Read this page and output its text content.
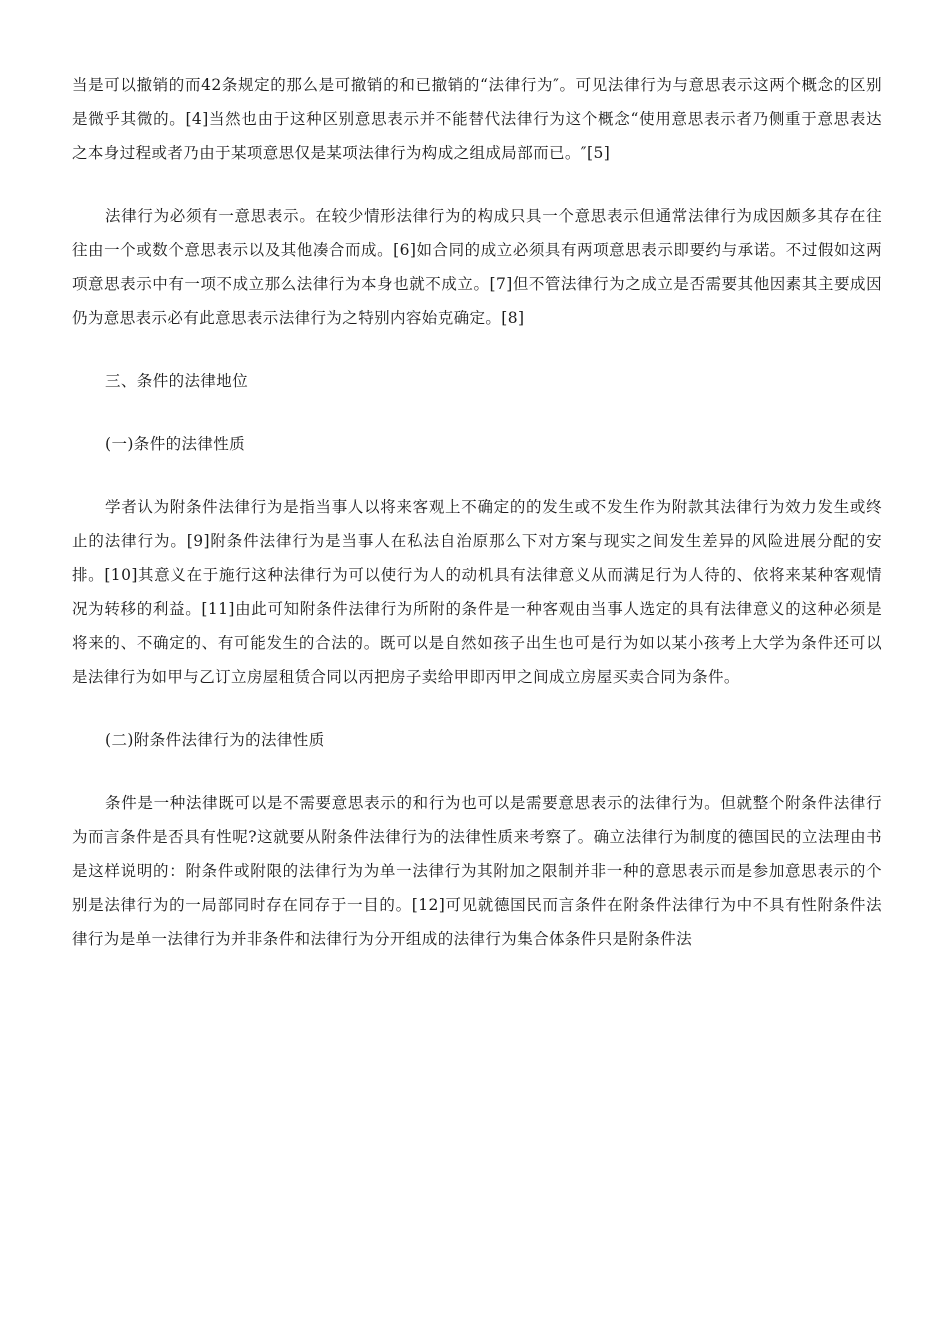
当是可以撤销的而42条规定的那么是可撤销的和已撤销的“法律行为″。可见法律行为与意思表示这两个概念的区别是微乎其微的。[4]当然也由于这种区别意思表示并不能替代法律行为这个概念“使用意思表示者乃侧重于意思表达之本身过程或者乃由于某项意思仅是某项法律行为构成之组成局部而已。″[5]

法律行为必须有一意思表示。在较少情形法律行为的构成只具一个意思表示但通常法律行为成因颇多其存在往往由一个或数个意思表示以及其他凑合而成。[6]如合同的成立必须具有两项意思表示即要约与承诺。不过假如这两项意思表示中有一项不成立那么法律行为本身也就不成立。[7]但不管法律行为之成立是否需要其他因素其主要成因仍为意思表示必有此意思表示法律行为之特别内容始克确定。[8]

三、条件的法律地位

(一)条件的法律性质

学者认为附条件法律行为是指当事人以将来客观上不确定的的发生或不发生作为附款其法律行为效力发生或终止的法律行为。[9]附条件法律行为是当事人在私法自治原那么下对方案与现实之间发生差异的风险进展分配的安排。[10]其意义在于施行这种法律行为可以使行为人的动机具有法律意义从而满足行为人待的、依将来某种客观情况为转移的利益。[11]由此可知附条件法律行为所附的条件是一种客观由当事人选定的具有法律意义的这种必须是将来的、不确定的、有可能发生的合法的。既可以是自然如孩子出生也可是行为如以某小孩考上大学为条件还可以是法律行为如甲与乙订立房屋租赁合同以丙把房子卖给甲即丙甲之间成立房屋买卖合同为条件。

(二)附条件法律行为的法律性质

条件是一种法律既可以是不需要意思表示的和行为也可以是需要意思表示的法律行为。但就整个附条件法律行为而言条件是否具有性呢?这就要从附条件法律行为的法律性质来考察了。确立法律行为制度的德国民的立法理由书是这样说明的：附条件或附限的法律行为为单一法律行为其附加之限制并非一种的意思表示而是参加意思表示的个别是法律行为的一局部同时存在同存于一目的。[12]可见就德国民而言条件在附条件法律行为中不具有性附条件法律行为是单一法律行为并非条件和法律行为分开组成的法律行为集合体条件只是附条件法
